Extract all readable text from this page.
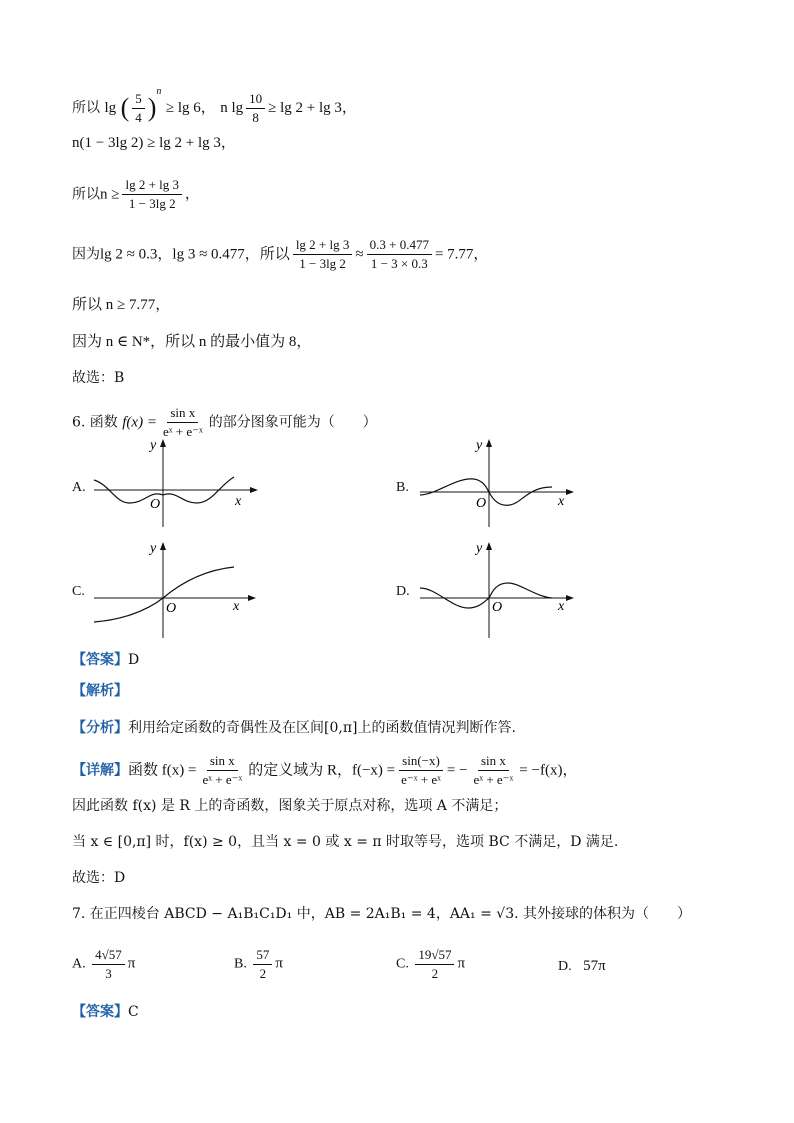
所以 lg ( $\frac{5}{4} )^n \ge \lg 6$， n $\lg \frac{10}{8} \ge \lg 2 + \lg 3$，
n(1 − 3lg 2) ≥ lg 2 + lg 3，
所以$n \ge \frac{\lg 2 + \lg 3}{1 - 3\lg 2}$ ，
因为lg 2 ≈ 0.3，lg 3 ≈ 0.477，所以 $\frac{\lg 2 + \lg 3}{1 - 3\lg 2} \approx \frac{0.3 + 0.477}{1 - 3 \times 0.3} = 7.77$，
所以 n ≥ 7.77，
因为 n ∈ N*，所以 n 的最小值为 8，
故选：B
6. 函数 $f(x) = \frac{\text{sin x}}{\text{eˣ + e⁻ˣ}}$ 的部分图象可能为（　　）
A.
O	x
y
B.
O	x
y
C.
O	x
y
D.
O	x
y
【答案】D
【解析】
【分析】利用给定函数的奇偶性及在区间[0,π]上的函数值情况判断作答.
【详解】函数 $f(x) = \frac{\text{sin x}}{\text{eˣ + e⁻ˣ}}$ 的定义域为 R，$f(-x) = \frac{\sin(-x)}{\text{e⁻ˣ + eˣ}}$ = − $\frac{\text{sin x}}{\text{eˣ + e⁻ˣ}} = -f(x)$，
因此函数 f(x) 是 R 上的奇函数，图象关于原点对称，选项 A 不满足；
当 x ∈ [0,π] 时，f(x) ≥ 0，且当 x = 0 或 x = π 时取等号，选项 BC 不满足，D 满足.
故选：D
7. 在正四棱台 ABCD − A₁B₁C₁D₁ 中，AB = 2A₁B₁ = 4，AA₁ = √3. 其外接球的体积为（　　）
A. $\frac{4√57}{3}$ π	B. $\frac{57}{2}$ π	C. $\frac{19√57}{2}$ π	D. 57π
【答案】C
